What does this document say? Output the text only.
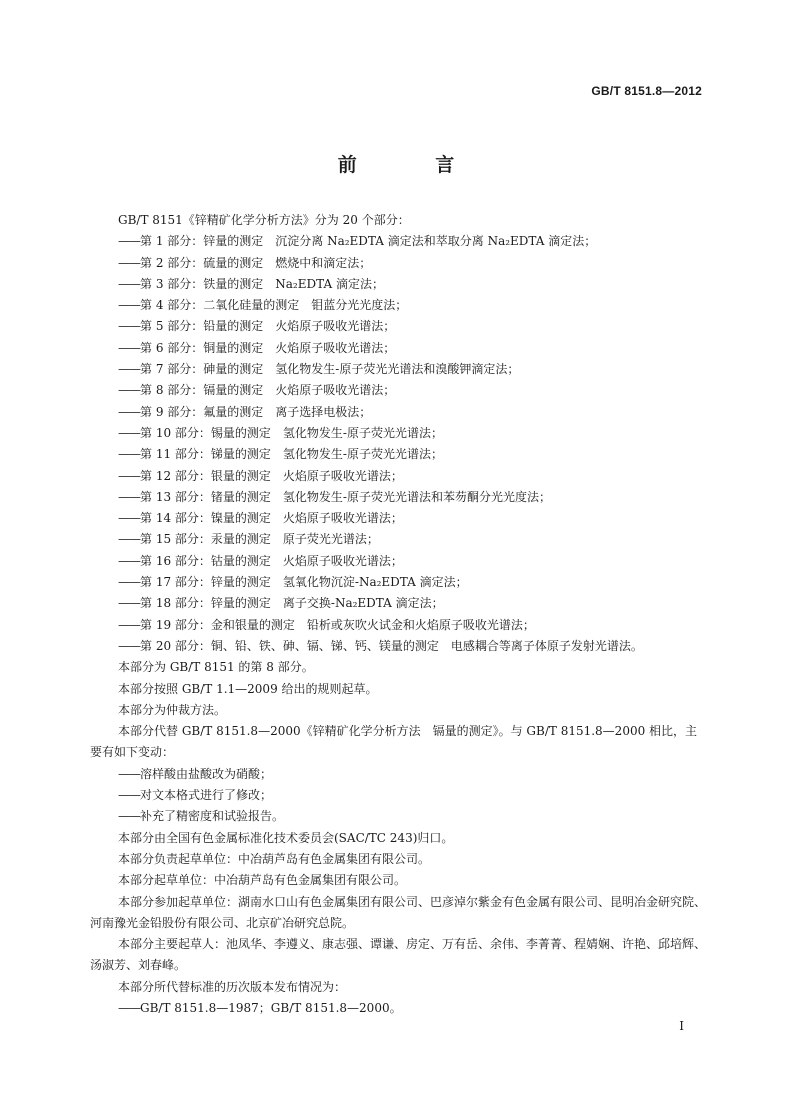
GB/T 8151.8—2012
前 言

GB/T 8151《锌精矿化学分析方法》分为 20 个部分：

——第 1 部分：锌量的测定　沉淀分离 Na₂EDTA 滴定法和萃取分离 Na₂EDTA 滴定法；

——第 2 部分：硫量的测定　燃烧中和滴定法；

——第 3 部分：铁量的测定　Na₂EDTA 滴定法；

——第 4 部分：二氧化硅量的测定　钼蓝分光光度法；

——第 5 部分：铅量的测定　火焰原子吸收光谱法；

——第 6 部分：铜量的测定　火焰原子吸收光谱法；

——第 7 部分：砷量的测定　氢化物发生-原子荧光光谱法和溴酸钾滴定法；

——第 8 部分：镉量的测定　火焰原子吸收光谱法；

——第 9 部分：氟量的测定　离子选择电极法；

——第 10 部分：锡量的测定　氢化物发生-原子荧光光谱法；

——第 11 部分：锑量的测定　氢化物发生-原子荧光光谱法；

——第 12 部分：银量的测定　火焰原子吸收光谱法；

——第 13 部分：锗量的测定　氢化物发生-原子荧光光谱法和苯芴酮分光光度法；

——第 14 部分：镍量的测定　火焰原子吸收光谱法；

——第 15 部分：汞量的测定　原子荧光光谱法；

——第 16 部分：钴量的测定　火焰原子吸收光谱法；

——第 17 部分：锌量的测定　氢氧化物沉淀-Na₂EDTA 滴定法；

——第 18 部分：锌量的测定　离子交换-Na₂EDTA 滴定法；

——第 19 部分：金和银量的测定　铅析或灰吹火试金和火焰原子吸收光谱法；

——第 20 部分：铜、铅、铁、砷、镉、锑、钙、镁量的测定　电感耦合等离子体原子发射光谱法。

本部分为 GB/T 8151 的第 8 部分。

本部分按照 GB/T 1.1—2009 给出的规则起草。

本部分为仲裁方法。

本部分代替 GB/T 8151.8—2000《锌精矿化学分析方法　镉量的测定》。与 GB/T 8151.8—2000 相比，主要有如下变动：

——溶样酸由盐酸改为硝酸；

——对文本格式进行了修改；

——补充了精密度和试验报告。

本部分由全国有色金属标准化技术委员会(SAC/TC 243)归口。

本部分负责起草单位：中冶葫芦岛有色金属集团有限公司。

本部分起草单位：中冶葫芦岛有色金属集团有限公司。

本部分参加起草单位：湖南水口山有色金属集团有限公司、巴彦淖尔紫金有色金属有限公司、昆明冶金研究院、河南豫光金铅股份有限公司、北京矿冶研究总院。

本部分主要起草人：池凤华、李遵义、康志强、谭谦、房定、万有岳、余伟、李菁菁、程婧娴、许艳、邱培辉、汤淑芳、刘春峰。

本部分所代替标准的历次版本发布情况为：

——GB/T 8151.8—1987；GB/T 8151.8—2000。

I
